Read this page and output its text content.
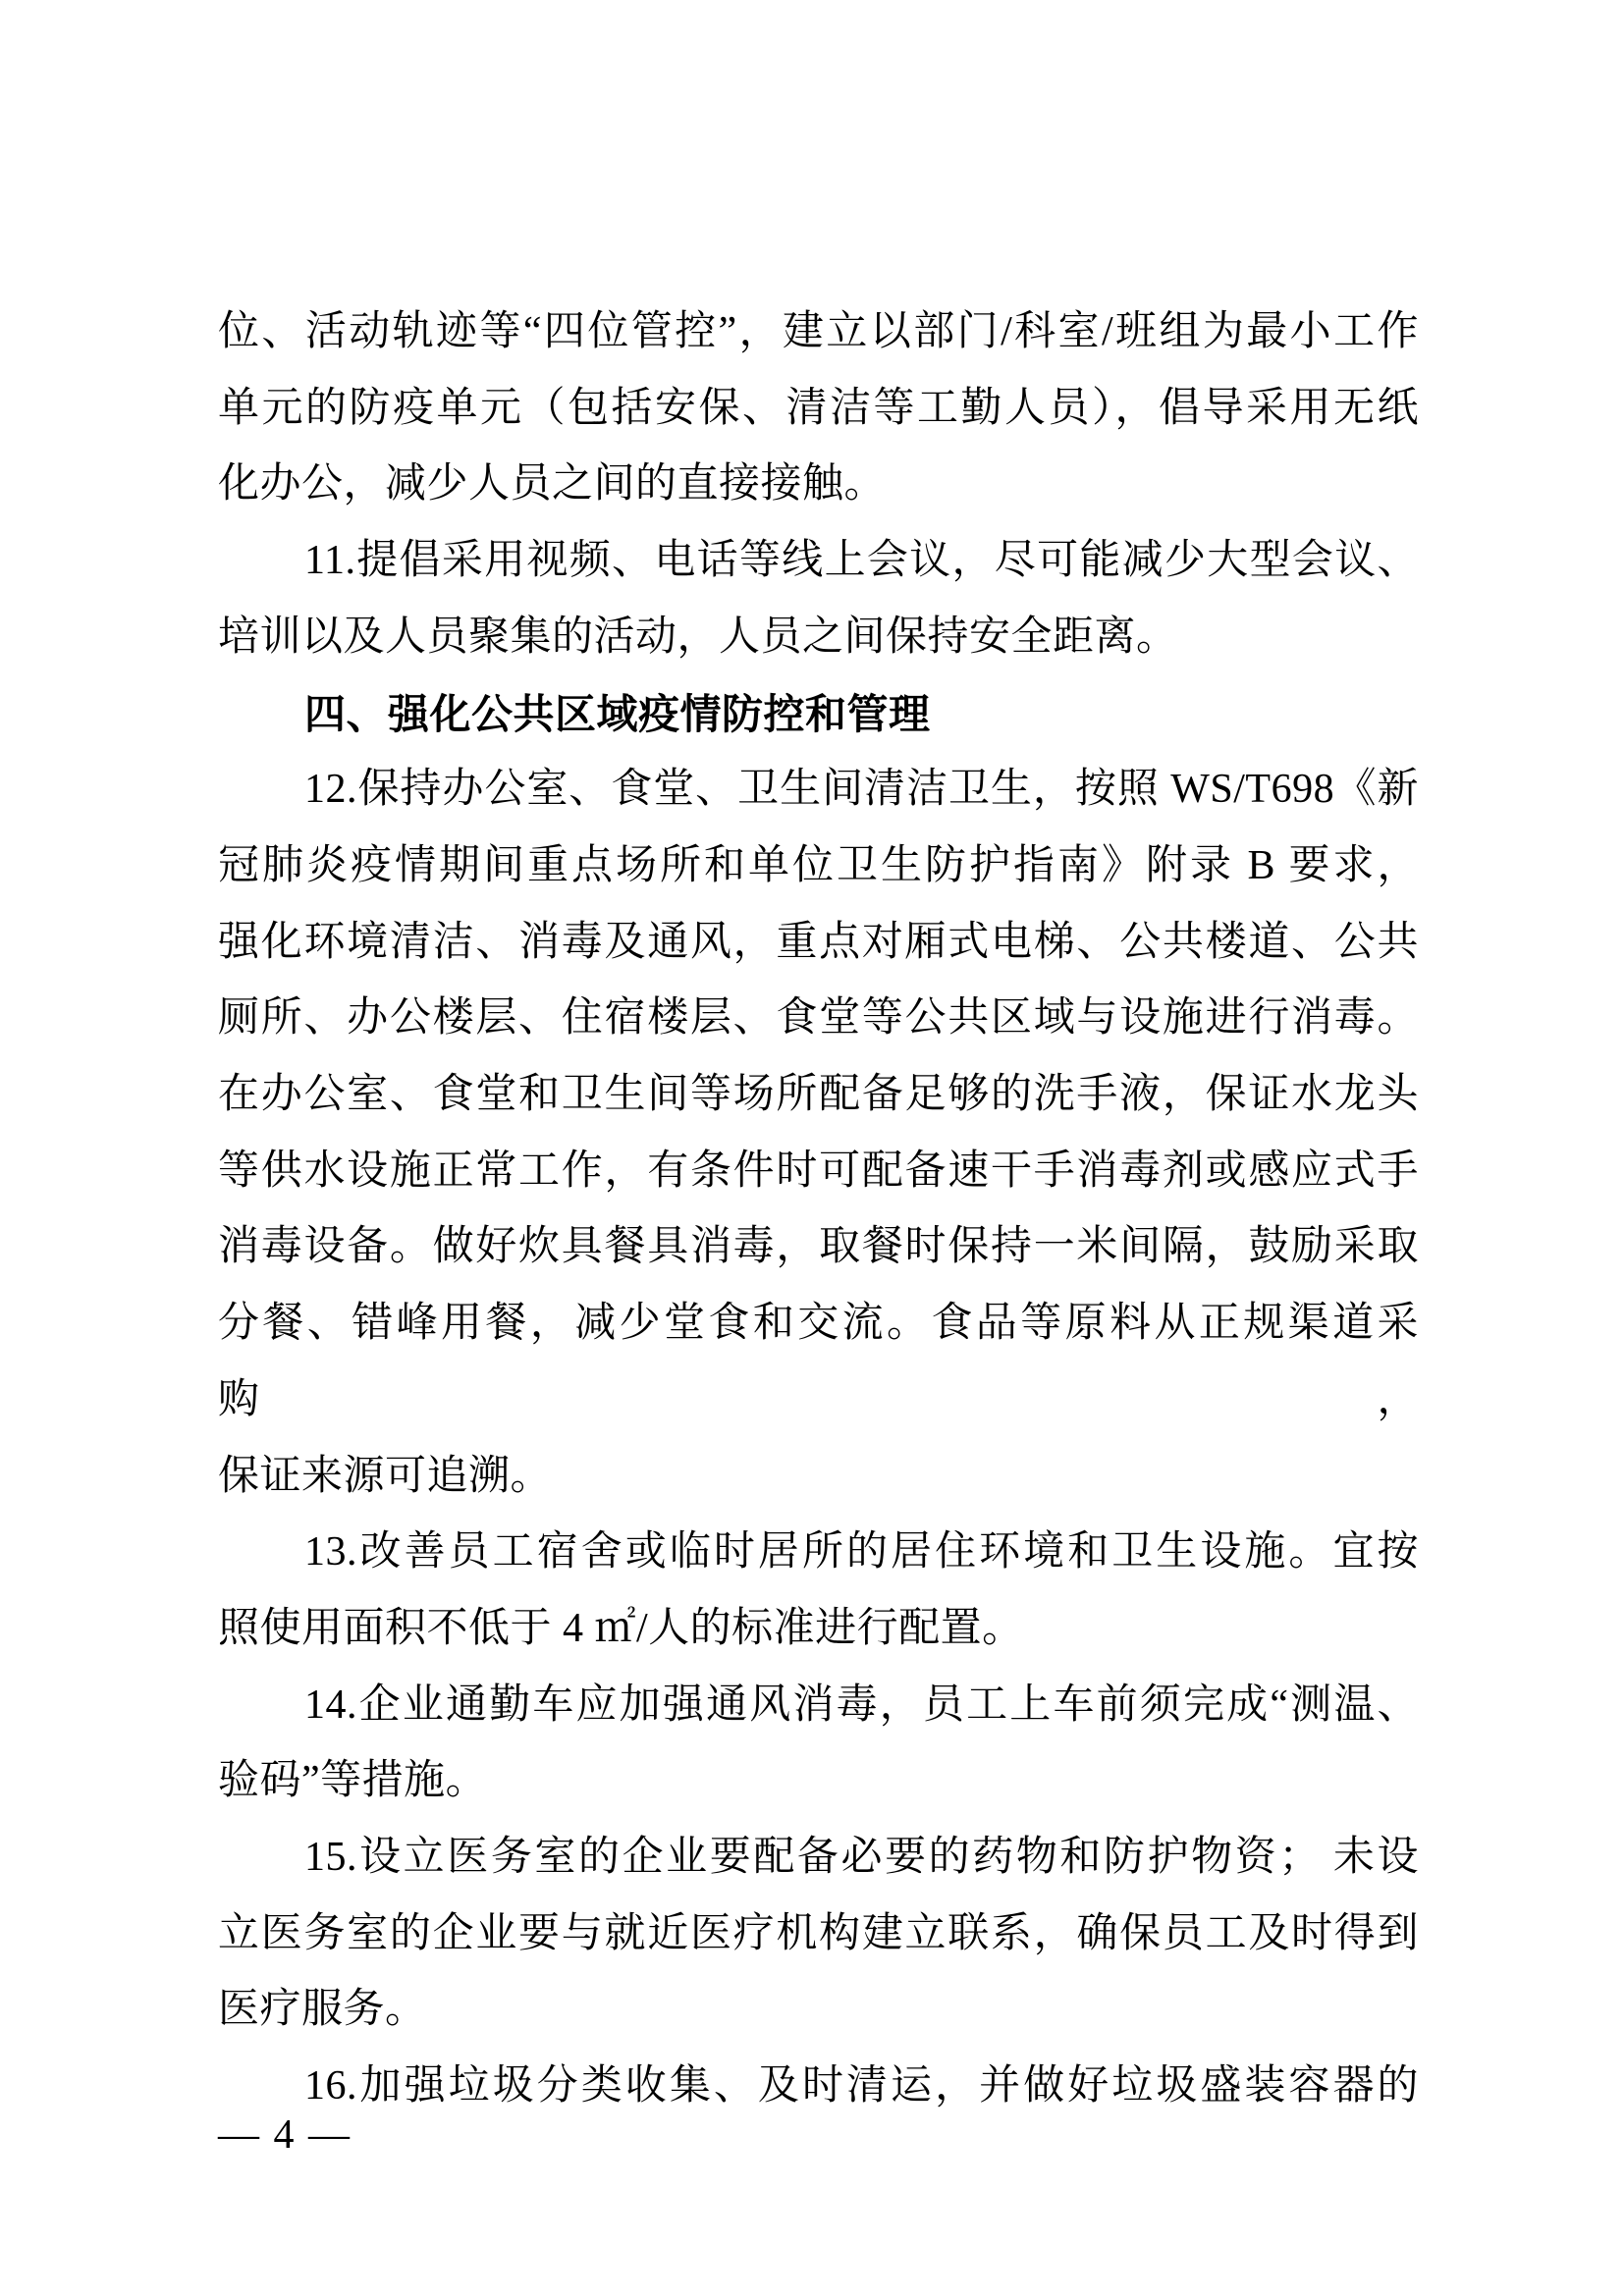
位、活动轨迹等“四位管控”，建立以部门/科室/班组为最小工作
单元的防疫单元（包括安保、清洁等工勤人员），倡导采用无纸
化办公，减少人员之间的直接接触。
11.提倡采用视频、电话等线上会议，尽可能减少大型会议、
培训以及人员聚集的活动，人员之间保持安全距离。
四、强化公共区域疫情防控和管理
12.保持办公室、食堂、卫生间清洁卫生，按照 WS/T698《新
冠肺炎疫情期间重点场所和单位卫生防护指南》附录 B 要求，
强化环境清洁、消毒及通风，重点对厢式电梯、公共楼道、公共
厕所、办公楼层、住宿楼层、食堂等公共区域与设施进行消毒。
在办公室、食堂和卫生间等场所配备足够的洗手液，保证水龙头
等供水设施正常工作，有条件时可配备速干手消毒剂或感应式手
消毒设备。做好炊具餐具消毒，取餐时保持一米间隔，鼓励采取
分餐、错峰用餐，减少堂食和交流。食品等原料从正规渠道采购，
保证来源可追溯。
13.改善员工宿舍或临时居所的居住环境和卫生设施。宜按
照使用面积不低于 4 ㎡/人的标准进行配置。
14.企业通勤车应加强通风消毒，员工上车前须完成“测温、
验码”等措施。
15.设立医务室的企业要配备必要的药物和防护物资； 未设
立医务室的企业要与就近医疗机构建立联系，确保员工及时得到
医疗服务。
16.加强垃圾分类收集、及时清运，并做好垃圾盛装容器的
— 4 —
